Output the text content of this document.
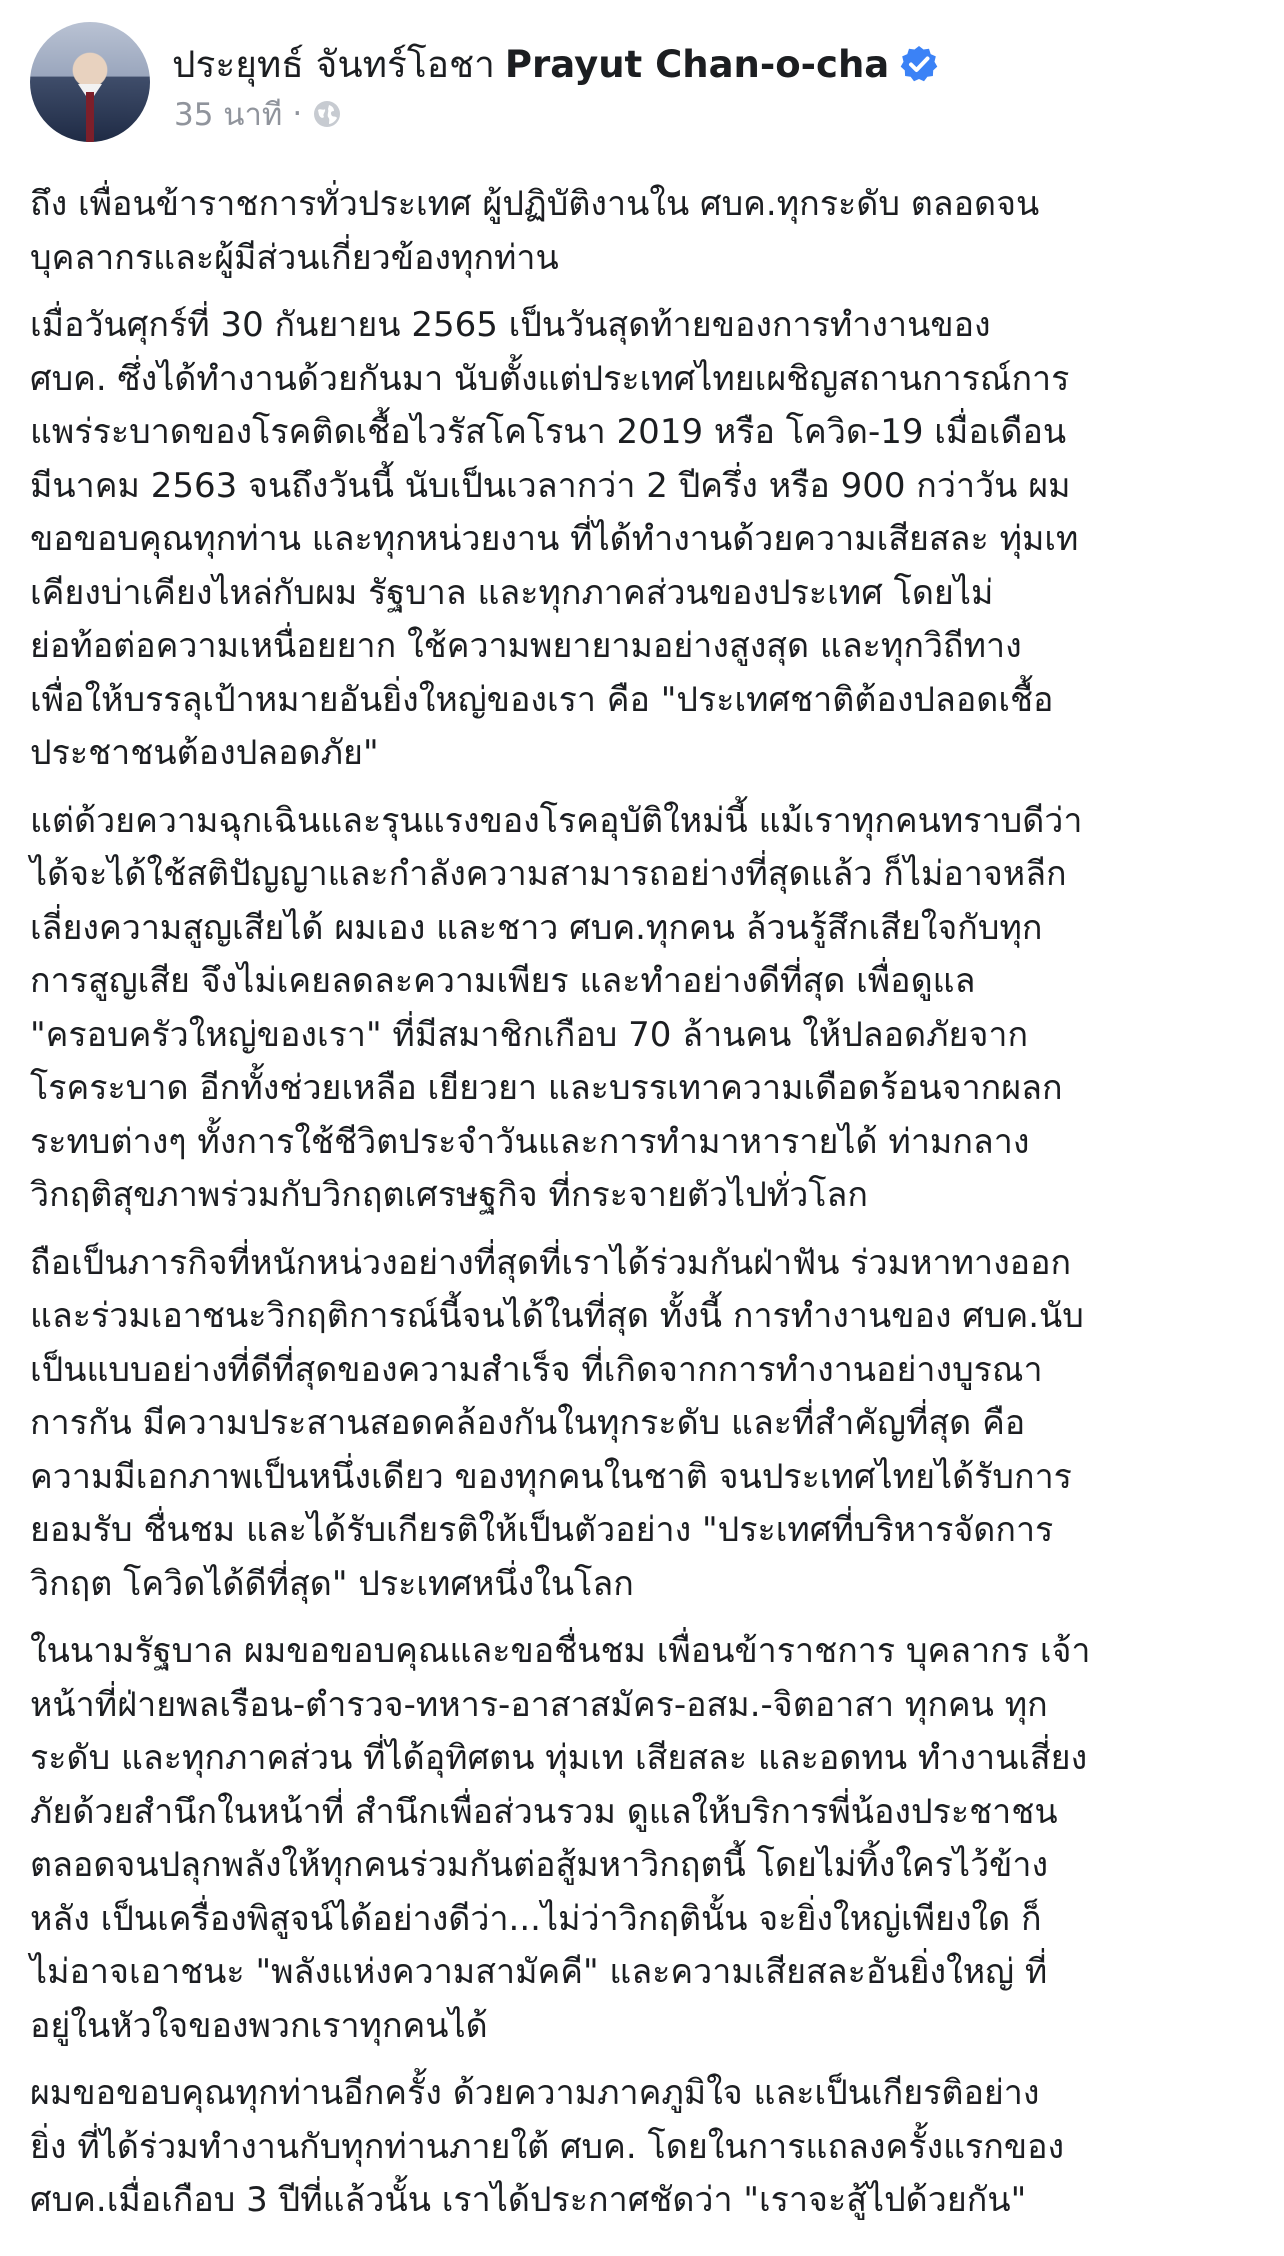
ประยุทธ์ จันทร์โอชา Prayut Chan-o-cha
35 นาที ·

ถึง เพื่อนข้าราชการทั่วประเทศ ผู้ปฏิบัติงานใน ศบค.ทุกระดับ ตลอดจน
บุคลากรและผู้มีส่วนเกี่ยวข้องทุกท่าน

เมื่อวันศุกร์ที่ 30 กันยายน 2565 เป็นวันสุดท้ายของการทำงานของ
ศบค. ซึ่งได้ทำงานด้วยกันมา นับตั้งแต่ประเทศไทยเผชิญสถานการณ์การ
แพร่ระบาดของโรคติดเชื้อไวรัสโคโรนา 2019 หรือ โควิด-19 เมื่อเดือน
มีนาคม 2563 จนถึงวันนี้ นับเป็นเวลากว่า 2 ปีครึ่ง หรือ 900 กว่าวัน ผม
ขอขอบคุณทุกท่าน และทุกหน่วยงาน ที่ได้ทำงานด้วยความเสียสละ ทุ่มเท
เคียงบ่าเคียงไหล่กับผม รัฐบาล และทุกภาคส่วนของประเทศ โดยไม่
ย่อท้อต่อความเหนื่อยยาก ใช้ความพยายามอย่างสูงสุด และทุกวิถีทาง
เพื่อให้บรรลุเป้าหมายอันยิ่งใหญ่ของเรา คือ "ประเทศชาติต้องปลอดเชื้อ
ประชาชนต้องปลอดภัย"

แต่ด้วยความฉุกเฉินและรุนแรงของโรคอุบัติใหม่นี้ แม้เราทุกคนทราบดีว่า
ได้จะได้ใช้สติปัญญาและกำลังความสามารถอย่างที่สุดแล้ว ก็ไม่อาจหลีก
เลี่ยงความสูญเสียได้ ผมเอง และชาว ศบค.ทุกคน ล้วนรู้สึกเสียใจกับทุก
การสูญเสีย จึงไม่เคยลดละความเพียร และทำอย่างดีที่สุด เพื่อดูแล
"ครอบครัวใหญ่ของเรา" ที่มีสมาชิกเกือบ 70 ล้านคน ให้ปลอดภัยจาก
โรคระบาด อีกทั้งช่วยเหลือ เยียวยา และบรรเทาความเดือดร้อนจากผลก
ระทบต่างๆ ทั้งการใช้ชีวิตประจำวันและการทำมาหารายได้ ท่ามกลาง
วิกฤติสุขภาพร่วมกับวิกฤตเศรษฐกิจ ที่กระจายตัวไปทั่วโลก

ถือเป็นภารกิจที่หนักหน่วงอย่างที่สุดที่เราได้ร่วมกันฝ่าฟัน ร่วมหาทางออก
และร่วมเอาชนะวิกฤติการณ์นี้จนได้ในที่สุด ทั้งนี้ การทำงานของ ศบค.นับ
เป็นแบบอย่างที่ดีที่สุดของความสำเร็จ ที่เกิดจากการทำงานอย่างบูรณา
การกัน มีความประสานสอดคล้องกันในทุกระดับ และที่สำคัญที่สุด คือ
ความมีเอกภาพเป็นหนึ่งเดียว ของทุกคนในชาติ จนประเทศไทยได้รับการ
ยอมรับ ชื่นชม และได้รับเกียรติให้เป็นตัวอย่าง "ประเทศที่บริหารจัดการ
วิกฤต โควิดได้ดีที่สุด" ประเทศหนึ่งในโลก

ในนามรัฐบาล ผมขอขอบคุณและขอชื่นชม เพื่อนข้าราชการ บุคลากร เจ้า
หน้าที่ฝ่ายพลเรือน-ตำรวจ-ทหาร-อาสาสมัคร-อสม.-จิตอาสา ทุกคน ทุก
ระดับ และทุกภาคส่วน ที่ได้อุทิศตน ทุ่มเท เสียสละ และอดทน ทำงานเสี่ยง
ภัยด้วยสำนึกในหน้าที่ สำนึกเพื่อส่วนรวม ดูแลให้บริการพี่น้องประชาชน
ตลอดจนปลุกพลังให้ทุกคนร่วมกันต่อสู้มหาวิกฤตนี้ โดยไม่ทิ้งใครไว้ข้าง
หลัง เป็นเครื่องพิสูจน์ได้อย่างดีว่า...ไม่ว่าวิกฤตินั้น จะยิ่งใหญ่เพียงใด ก็
ไม่อาจเอาชนะ "พลังแห่งความสามัคคี" และความเสียสละอันยิ่งใหญ่ ที่
อยู่ในหัวใจของพวกเราทุกคนได้

ผมขอขอบคุณทุกท่านอีกครั้ง ด้วยความภาคภูมิใจ และเป็นเกียรติอย่าง
ยิ่ง ที่ได้ร่วมทำงานกับทุกท่านภายใต้ ศบค. โดยในการแถลงครั้งแรกของ
ศบค.เมื่อเกือบ 3 ปีที่แล้วนั้น เราได้ประกาศชัดว่า "เราจะสู้ไปด้วยกัน"
